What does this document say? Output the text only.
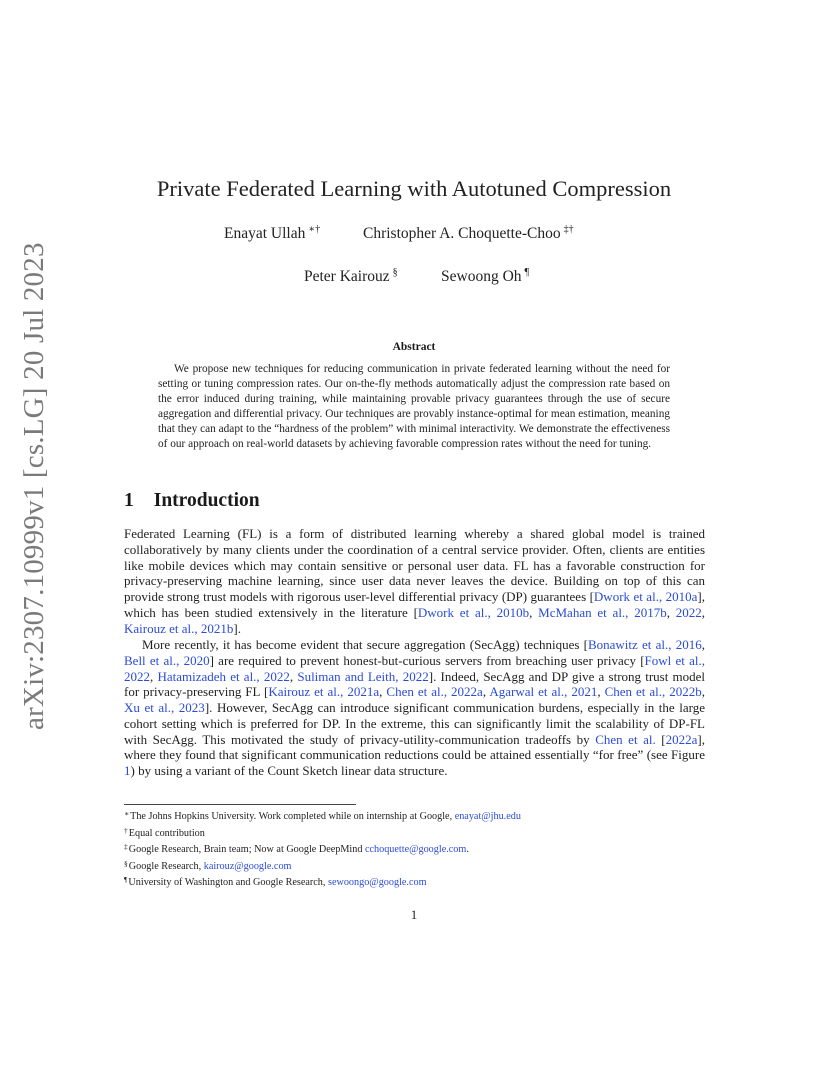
arXiv:2307.10999v1 [cs.LG] 20 Jul 2023
Private Federated Learning with Autotuned Compression
Enayat Ullah ∗†	Christopher A. Choquette-Choo ‡†
Peter Kairouz §	Sewoong Oh ¶
Abstract
We propose new techniques for reducing communication in private federated learning without the need for setting or tuning compression rates. Our on-the-fly methods automatically adjust the compression rate based on the error induced during training, while maintaining provable privacy guarantees through the use of secure aggregation and differential privacy. Our techniques are provably instance-optimal for mean estimation, meaning that they can adapt to the “hardness of the problem” with minimal interactivity. We demonstrate the effectiveness of our approach on real-world datasets by achieving favorable compression rates without the need for tuning.
1 Introduction

Federated Learning (FL) is a form of distributed learning whereby a shared global model is trained collaboratively by many clients under the coordination of a central service provider. Often, clients are entities like mobile devices which may contain sensitive or personal user data. FL has a favorable construction for privacy-preserving machine learning, since user data never leaves the device. Building on top of this can provide strong trust models with rigorous user-level differential privacy (DP) guarantees [Dwork et al., 2010a], which has been studied extensively in the literature [Dwork et al., 2010b, McMahan et al., 2017b, 2022, Kairouz et al., 2021b].

More recently, it has become evident that secure aggregation (SecAgg) techniques [Bonawitz et al., 2016, Bell et al., 2020] are required to prevent honest-but-curious servers from breaching user privacy [Fowl et al., 2022, Hatamizadeh et al., 2022, Suliman and Leith, 2022]. Indeed, SecAgg and DP give a strong trust model for privacy-preserving FL [Kairouz et al., 2021a, Chen et al., 2022a, Agarwal et al., 2021, Chen et al., 2022b, Xu et al., 2023]. However, SecAgg can introduce significant communication burdens, especially in the large cohort setting which is preferred for DP. In the extreme, this can significantly limit the scalability of DP-FL with SecAgg. This motivated the study of privacy-utility-communication tradeoffs by Chen et al. [2022a], where they found that significant communication reductions could be attained essentially “for free” (see Figure 1) by using a variant of the Count Sketch linear data structure.

∗The Johns Hopkins University. Work completed while on internship at Google, enayat@jhu.edu
†Equal contribution
‡Google Research, Brain team; Now at Google DeepMind cchoquette@google.com.
§Google Research, kairouz@google.com
¶University of Washington and Google Research, sewoongo@google.com
1
